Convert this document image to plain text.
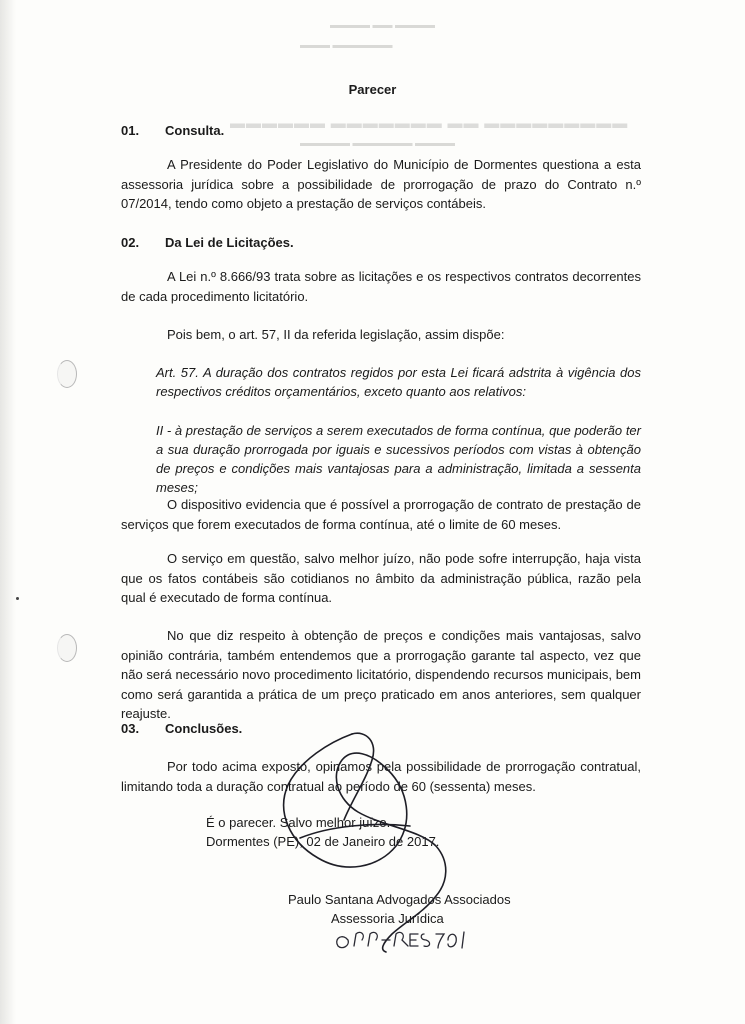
▬▬▬▬ ▬▬ ▬▬▬▬
▬▬▬ ▬▬▬▬▬▬
▬▬▬▬▬▬ ▬▬▬▬▬▬▬ ▬▬ ▬▬▬▬▬▬▬▬▬
▬▬▬▬▬ ▬▬▬▬▬▬ ▬▬▬▬
Parecer
01. Consulta.
A Presidente do Poder Legislativo do Município de Dormentes questiona a esta assessoria jurídica sobre a possibilidade de prorrogação de prazo do Contrato n.º 07/2014, tendo como objeto a prestação de serviços contábeis.
02. Da Lei de Licitações.
A Lei n.º 8.666/93 trata sobre as licitações e os respectivos contratos decorrentes de cada procedimento licitatório.
Pois bem, o art. 57, II da referida legislação, assim dispõe:
Art. 57. A duração dos contratos regidos por esta Lei ficará adstrita à vigência dos respectivos créditos orçamentários, exceto quanto aos relativos:
II - à prestação de serviços a serem executados de forma contínua, que poderão ter a sua duração prorrogada por iguais e sucessivos períodos com vistas à obtenção de preços e condições mais vantajosas para a administração, limitada a sessenta meses;
O dispositivo evidencia que é possível a prorrogação de contrato de prestação de serviços que forem executados de forma contínua, até o limite de 60 meses.
O serviço em questão, salvo melhor juízo, não pode sofre interrupção, haja vista que os fatos contábeis são cotidianos no âmbito da administração pública, razão pela qual é executado de forma contínua.
No que diz respeito à obtenção de preços e condições mais vantajosas, salvo opinião contrária, também entendemos que a prorrogação garante tal aspecto, vez que não será necessário novo procedimento licitatório, dispendendo recursos municipais, bem como será garantida a prática de um preço praticado em anos anteriores, sem qualquer reajuste.
03. Conclusões.
Por todo acima exposto, opinamos pela possibilidade de prorrogação contratual, limitando toda a duração contratual ao período de 60 (sessenta) meses.
É o parecer. Salvo melhor juízo.
Dormentes (PE), 02 de Janeiro de 2017.
Paulo Santana Advogados Associados
Assessoria Jurídica
